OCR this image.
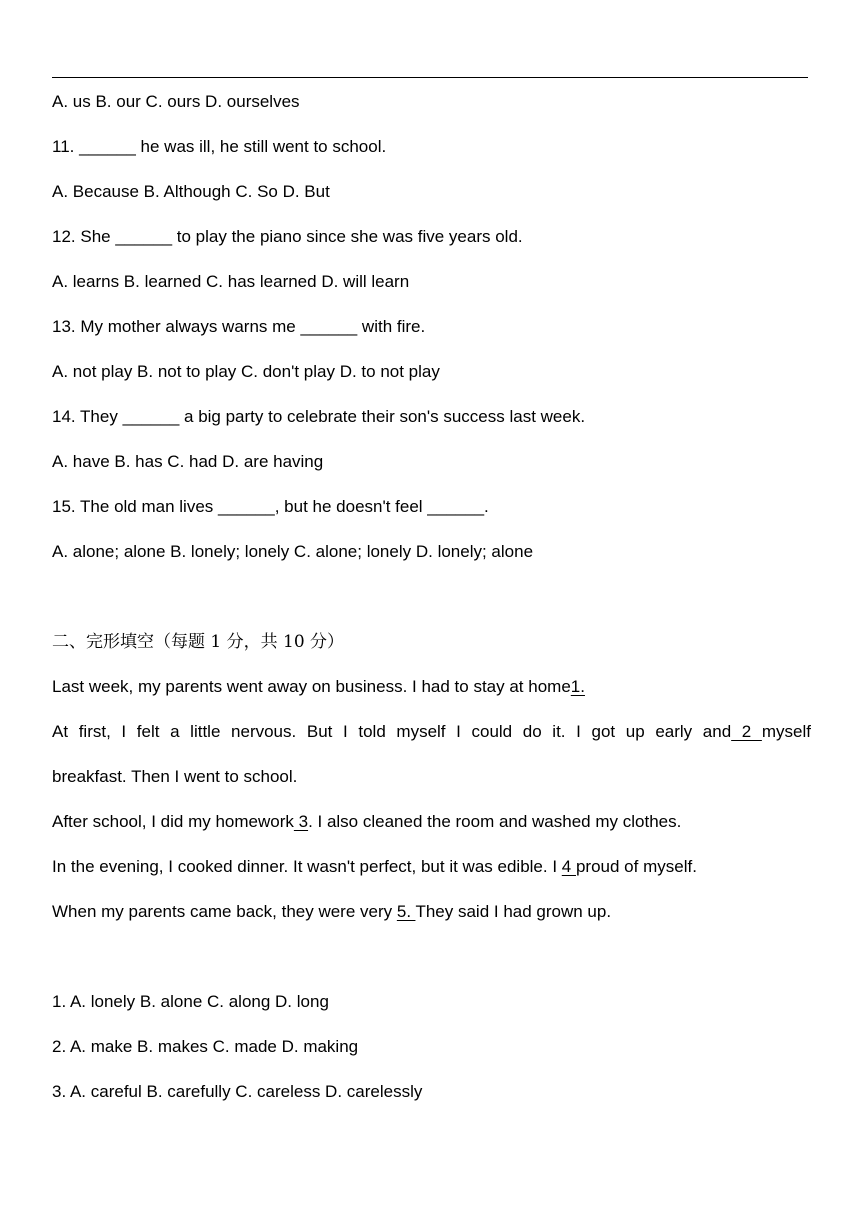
A. us B. our C. ours D. ourselves
11. ______ he was ill, he still went to school.
A. Because B. Although C. So D. But
12. She ______ to play the piano since she was five years old.
A. learns B. learned C. has learned D. will learn
13. My mother always warns me ______ with fire.
A. not play B. not to play C. don't play D. to not play
14. They ______ a big party to celebrate their son's success last week.
A. have B. has C. had D. are having
15. The old man lives ______, but he doesn't feel ______.
A. alone; alone B. lonely; lonely C. alone; lonely D. lonely; alone
二、完形填空（每题 1 分，共 10 分）
Last week, my parents went away on business. I had to stay at home1.
At first, I felt a little nervous. But I told myself I could do it. I got up early and 2 myself
breakfast. Then I went to school.
After school, I did my homework 3. I also cleaned the room and washed my clothes.
In the evening, I cooked dinner. It wasn't perfect, but it was edible. I 4 proud of myself.
When my parents came back, they were very 5. They said I had grown up.
1. A. lonely B. alone C. along D. long
2. A. make B. makes C. made D. making
3. A. careful B. carefully C. careless D. carelessly
